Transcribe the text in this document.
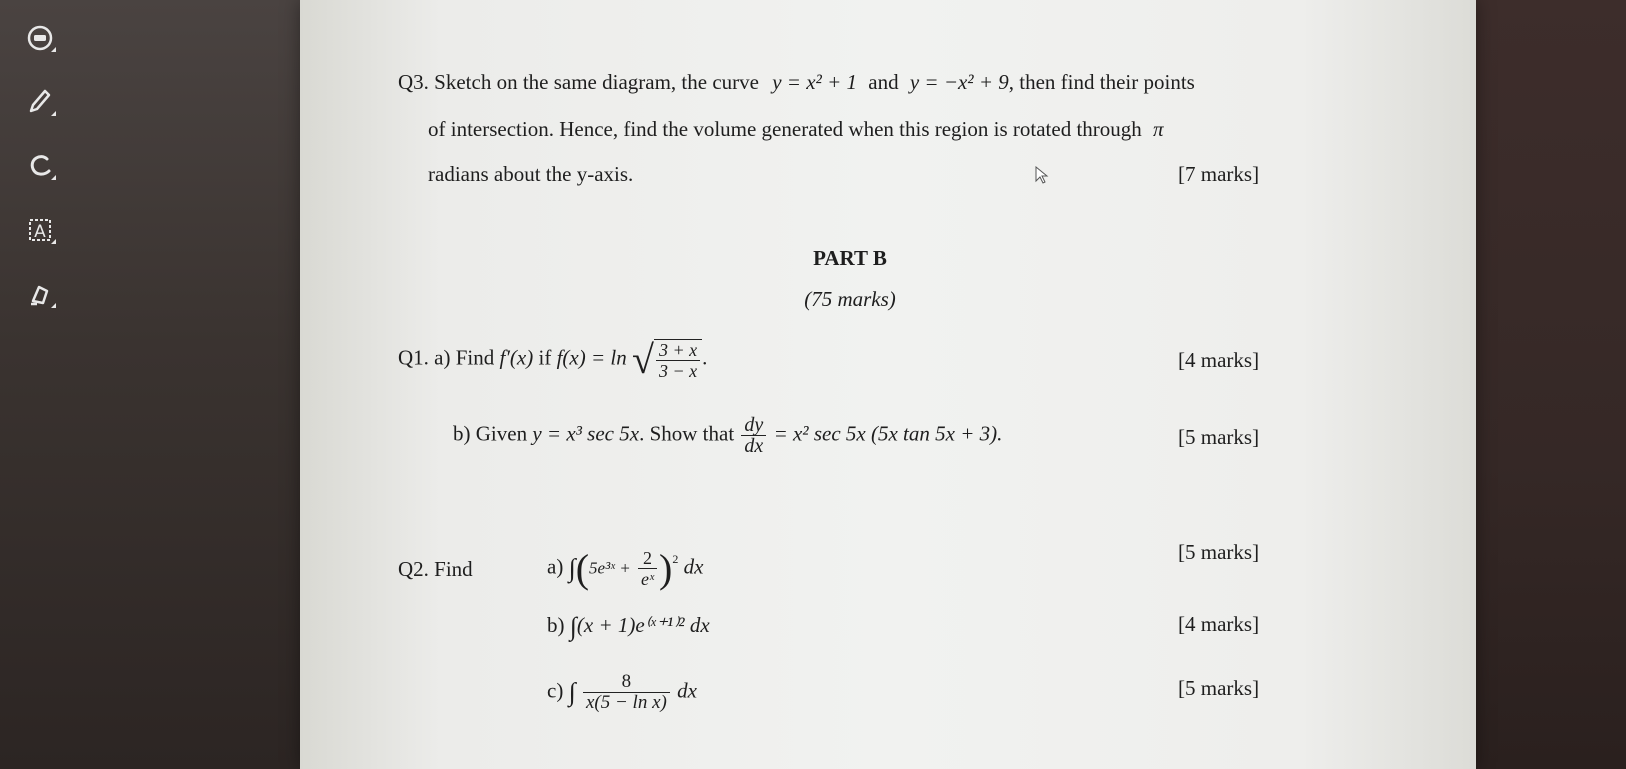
Q3. Sketch on the same diagram, the curve y = x² + 1 and y = −x² + 9, then find their points
of intersection. Hence, find the volume generated when this region is rotated through π
radians about the y-axis.	[7 marks]
PART B
(75 marks)
Q1. a) Find f′(x) if f(x) = ln √ $\frac{3 + x}{3 - x}$ .	[4 marks]
b) Given y = x³ sec 5x. Show that $\frac{dy}{dx} = x^2$ sec 5x (5x tan 5x + 3).	[5 marks]
Q2. Find	a) ∫(5e³ˣ + $\frac{2}{\text{eˣ}} )^2$ dx
[5 marks]
b) ∫(x + 1)e⁽ˣ⁺¹⁾² dx	[4 marks]
c) ∫ $\frac{8}{\text{x(5 − ln x)}}$ dx	[5 marks]
A
